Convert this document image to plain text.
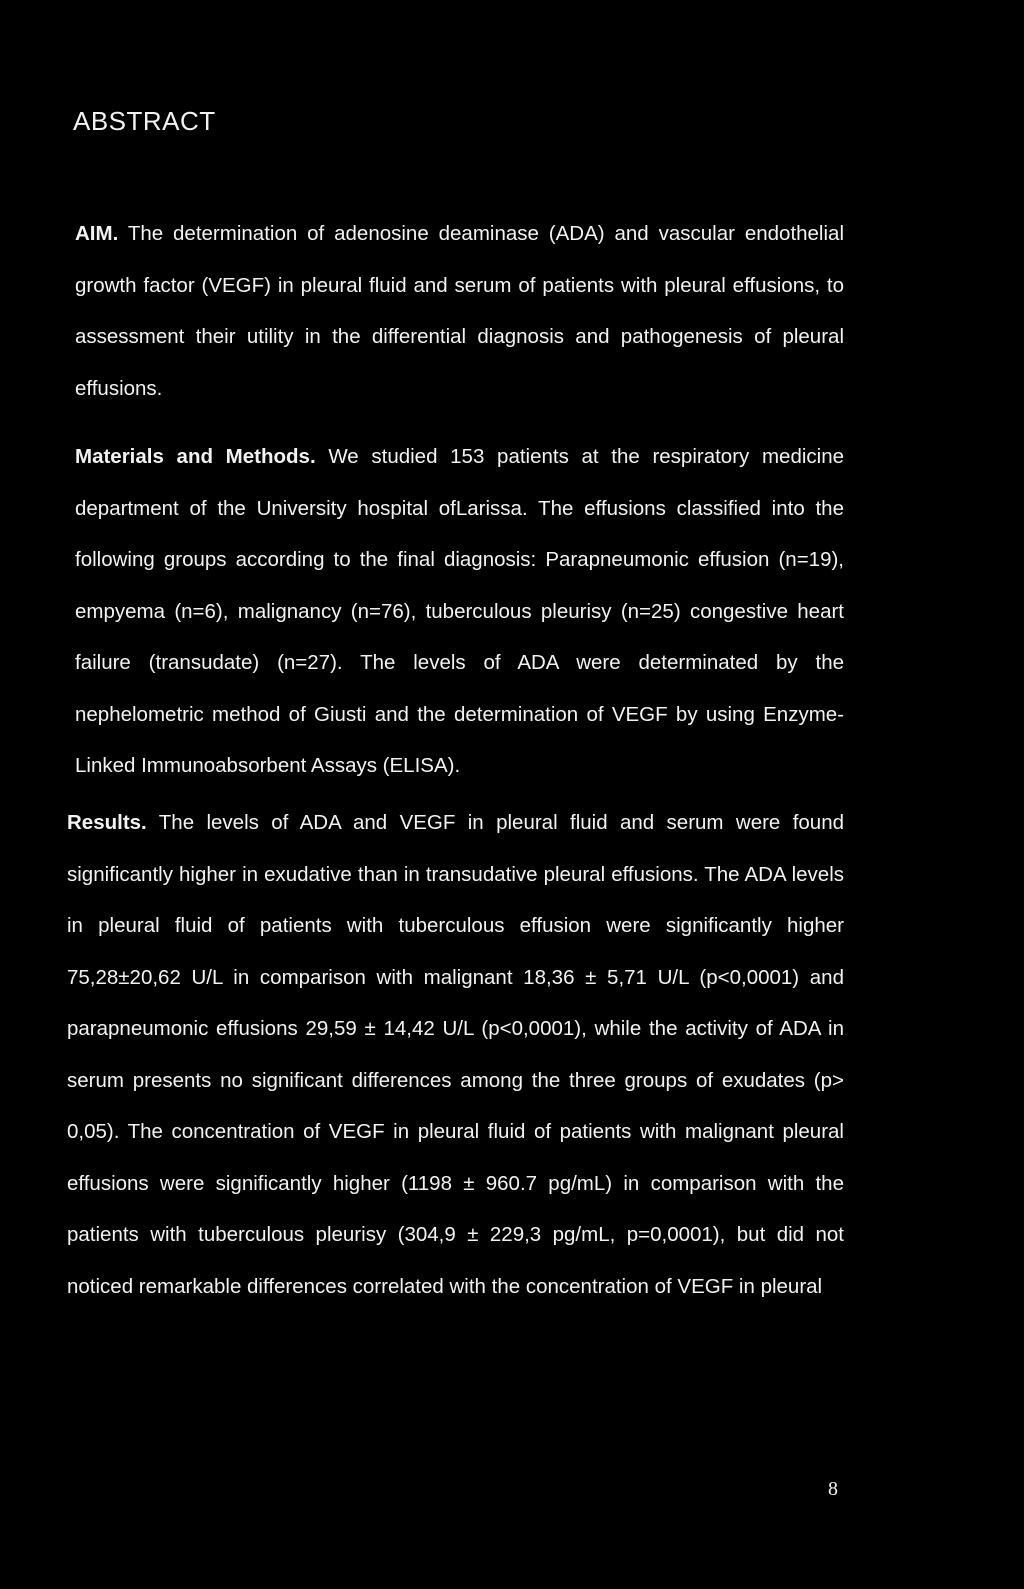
ABSTRACT

AIM. The determination of adenosine deaminase (ADA) and vascular endothelial growth factor (VEGF) in pleural fluid and serum of patients with pleural effusions, to assessment their utility in the differential diagnosis and pathogenesis of pleural effusions.

Materials and Methods. We studied 153 patients at the respiratory medicine department of the University hospital ofLarissa. The effusions classified into the following groups according to the final diagnosis: Parapneumonic effusion (n=19), empyema (n=6), malignancy (n=76), tuberculous pleurisy (n=25) congestive heart failure (transudate) (n=27). The levels of ADA were determinated by the nephelometric method of Giusti and the determination of VEGF by using Enzyme-Linked Immunoabsorbent Assays (ELISA).

Results. The levels of ADA and VEGF in pleural fluid and serum were found significantly higher in exudative than in transudative pleural effusions. The ADA levels in pleural fluid of patients with tuberculous effusion were significantly higher 75,28±20,62 U/L in comparison with malignant 18,36 ± 5,71 U/L (p<0,0001) and parapneumonic effusions 29,59 ± 14,42 U/L (p<0,0001), while the activity of ADA in serum presents no significant differences among the three groups of exudates (p> 0,05). The concentration of VEGF in pleural fluid of patients with malignant pleural effusions were significantly higher (1198 ± 960.7 pg/mL) in comparison with the patients with tuberculous pleurisy (304,9 ± 229,3 pg/mL, p=0,0001), but did not noticed remarkable differences correlated with the concentration of VEGF in pleural

8
